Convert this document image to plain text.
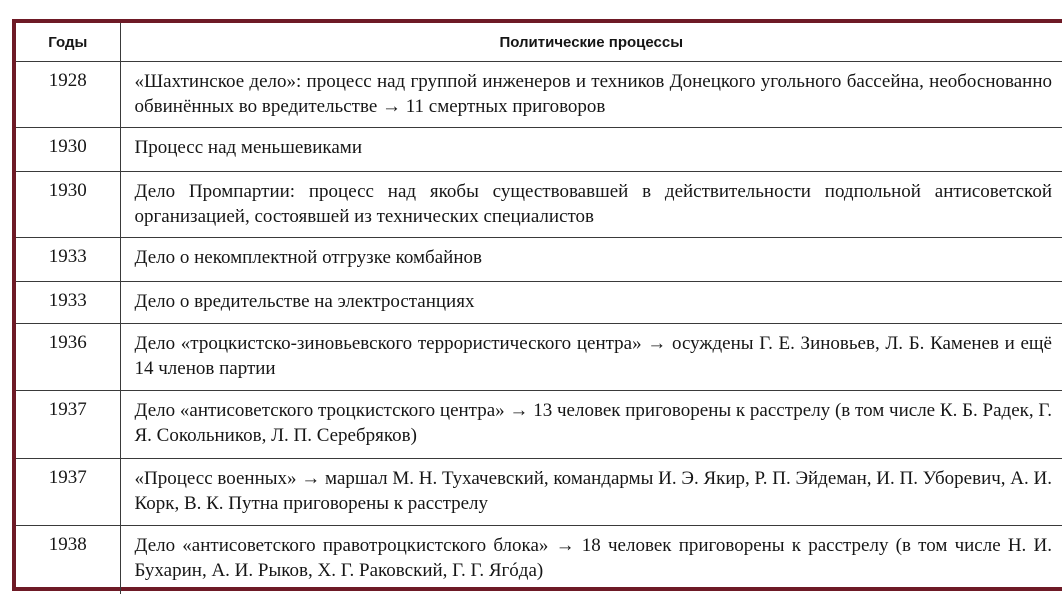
Годы	Политические процессы
1928	«Шахтинское дело»: процесс над группой инженеров и техников Донецкого угольного бассейна, необоснованно обвинённых во вредительстве → 11 смертных приговоров
1930	Процесс над меньшевиками
1930	Дело Промпартии: процесс над якобы существовавшей в действительности подпольной антисоветской организацией, состоявшей из технических специалистов
1933	Дело о некомплектной отгрузке комбайнов
1933	Дело о вредительстве на электростанциях
1936	Дело «троцкистско-зиновьевского террористического центра» → осуждены Г. Е. Зиновьев, Л. Б. Каменев и ещё 14 членов партии
1937	Дело «антисоветского троцкистского центра» → 13 человек приговорены к расстрелу (в том числе К. Б. Радек, Г. Я. Сокольников, Л. П. Серебряков)
1937	«Процесс военных» → маршал М. Н. Тухачевский, командармы И. Э. Якир, Р. П. Эйдеман, И. П. Уборевич, А. И. Корк, В. К. Путна приговорены к расстрелу
1938	Дело «антисоветского правотроцкистского блока» → 18 человек приговорены к расстрелу (в том числе Н. И. Бухарин, А. И. Рыков, Х. Г. Раковский, Г. Г. Ягóда)
